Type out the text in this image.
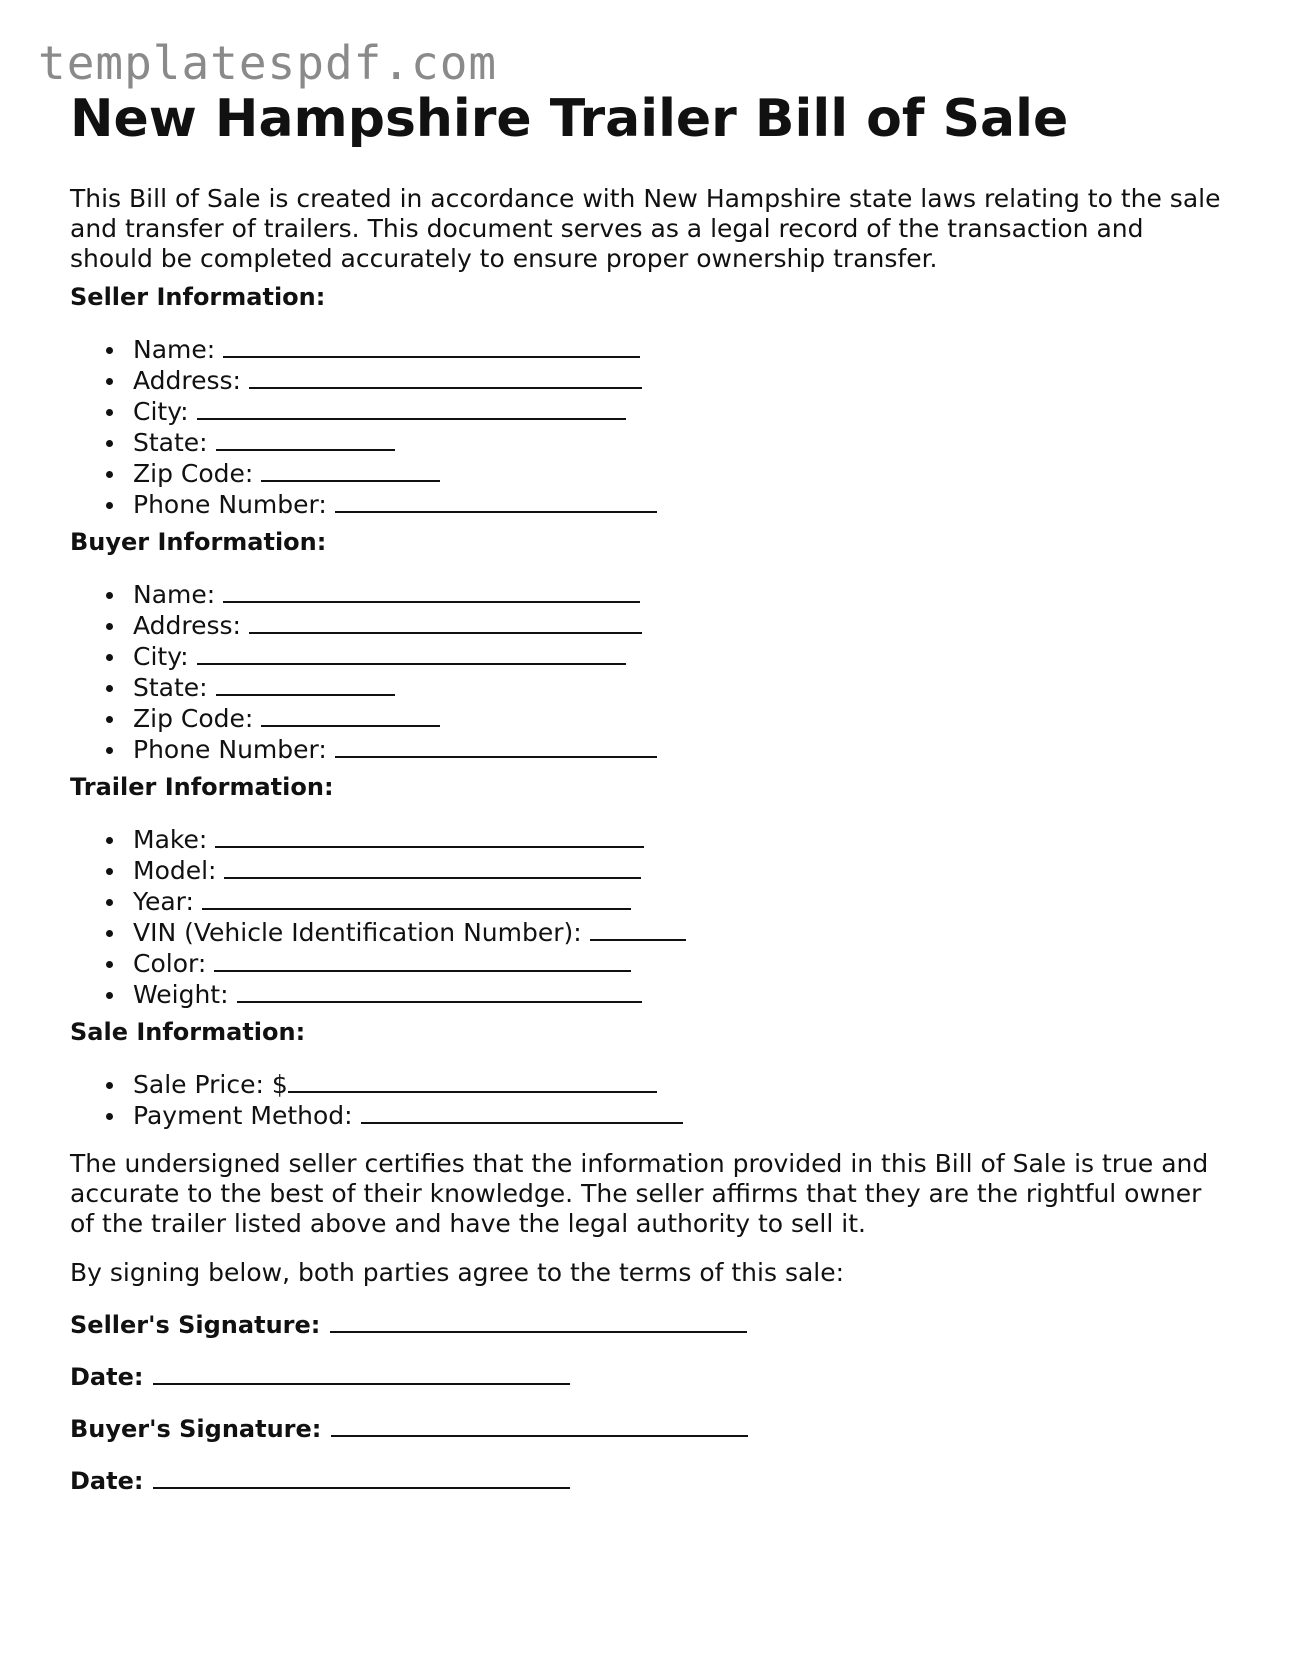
templatespdf.com
New Hampshire Trailer Bill of Sale

This Bill of Sale is created in accordance with New Hampshire state laws relating to the sale and transfer of trailers. This document serves as a legal record of the transaction and should be completed accurately to ensure proper ownership transfer.

Seller Information:
Name:
Address:
City:
State:
Zip Code:
Phone Number:
Buyer Information:
Name:
Address:
City:
State:
Zip Code:
Phone Number:
Trailer Information:
Make:
Model:
Year:
VIN (Vehicle Identification Number):
Color:
Weight:
Sale Information:
Sale Price: $
Payment Method:

The undersigned seller certifies that the information provided in this Bill of Sale is true and accurate to the best of their knowledge. The seller affirms that they are the rightful owner of the trailer listed above and have the legal authority to sell it.

By signing below, both parties agree to the terms of this sale:

Seller's Signature:
Date:
Buyer's Signature:
Date:
